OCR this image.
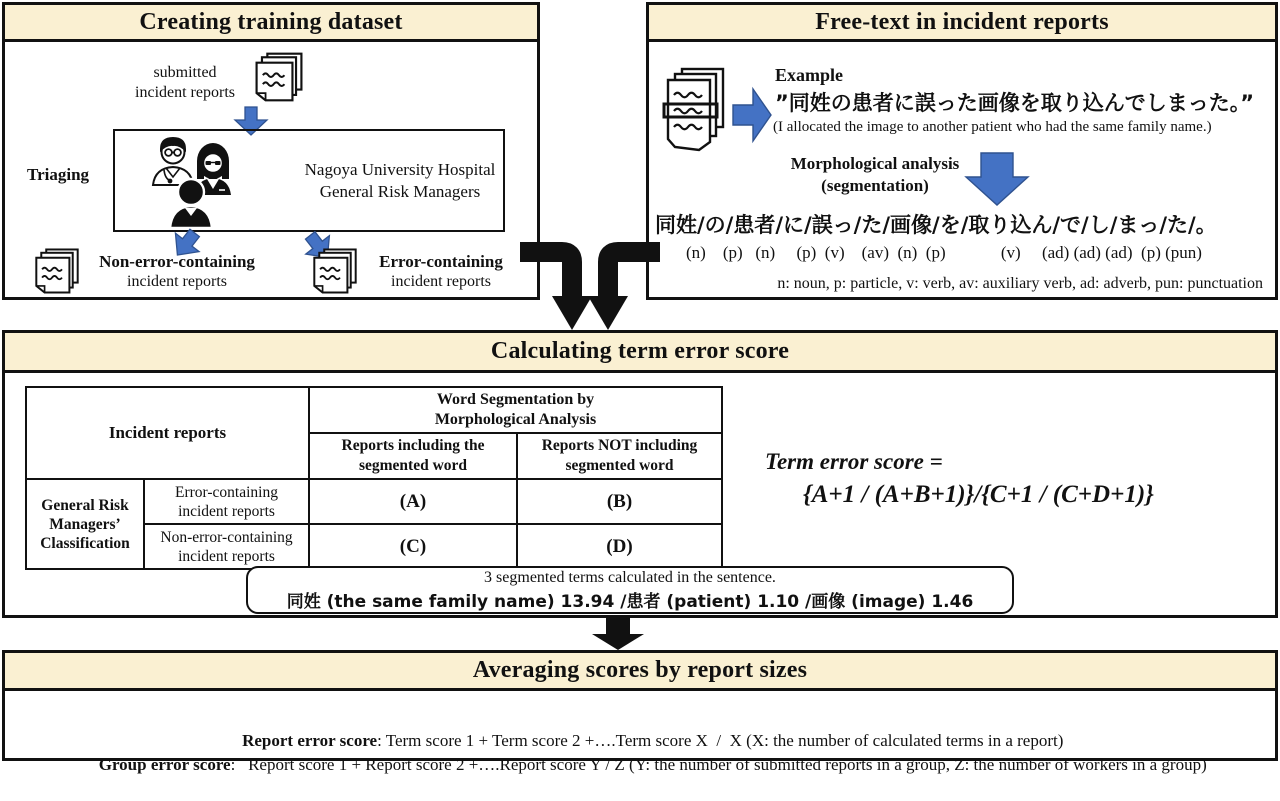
Creating training dataset
submitted
incident reports
Triaging	Nagoya University Hospital
General Risk Managers
Non-error-containing
incident reports
Error-containing
incident reports
Free-text in incident reports
Example
”同姓の患者に誤った画像を取り込んでしまった。”
(I allocated the image to another patient who had the same family name.)
Morphological analysis
(segmentation)
同姓/の/患者/に/誤っ/た/画像/を/取り込ん/で/し/まっ/た/。
(n)    (p)   (n)     (p)  (v)    (av)  (n)  (p)             (v)     (ad) (ad) (ad)  (p) (pun)
n: noun, p: particle, v: verb, av: auxiliary verb, ad: adverb, pun: punctuation
Calculating term error score
Incident reports		Word Segmentation by Morphological Analysis	

		Reports including the segmented word	Reports NOT including segmented word

General Risk Managers’ Classification	Error-containing incident reports	(A)	(B)

	Non-error-containing incident reports	(C)	(D)
Term error score =
{A+1 / (A+B+1)}/{C+1 / (C+D+1)}
3 segmented terms calculated in the sentence.
同姓 (the same family name) 13.94 /患者 (patient) 1.10 /画像 (image) 1.46
Averaging scores by report sizes

Report error score: Term score 1 + Term score 2 +….Term score X  /  X (X: the number of calculated terms in a report)

Group error score:   Report score 1 + Report score 2 +….Report score Y / Z (Y: the number of submitted reports in a group, Z: the number of workers in a group)
